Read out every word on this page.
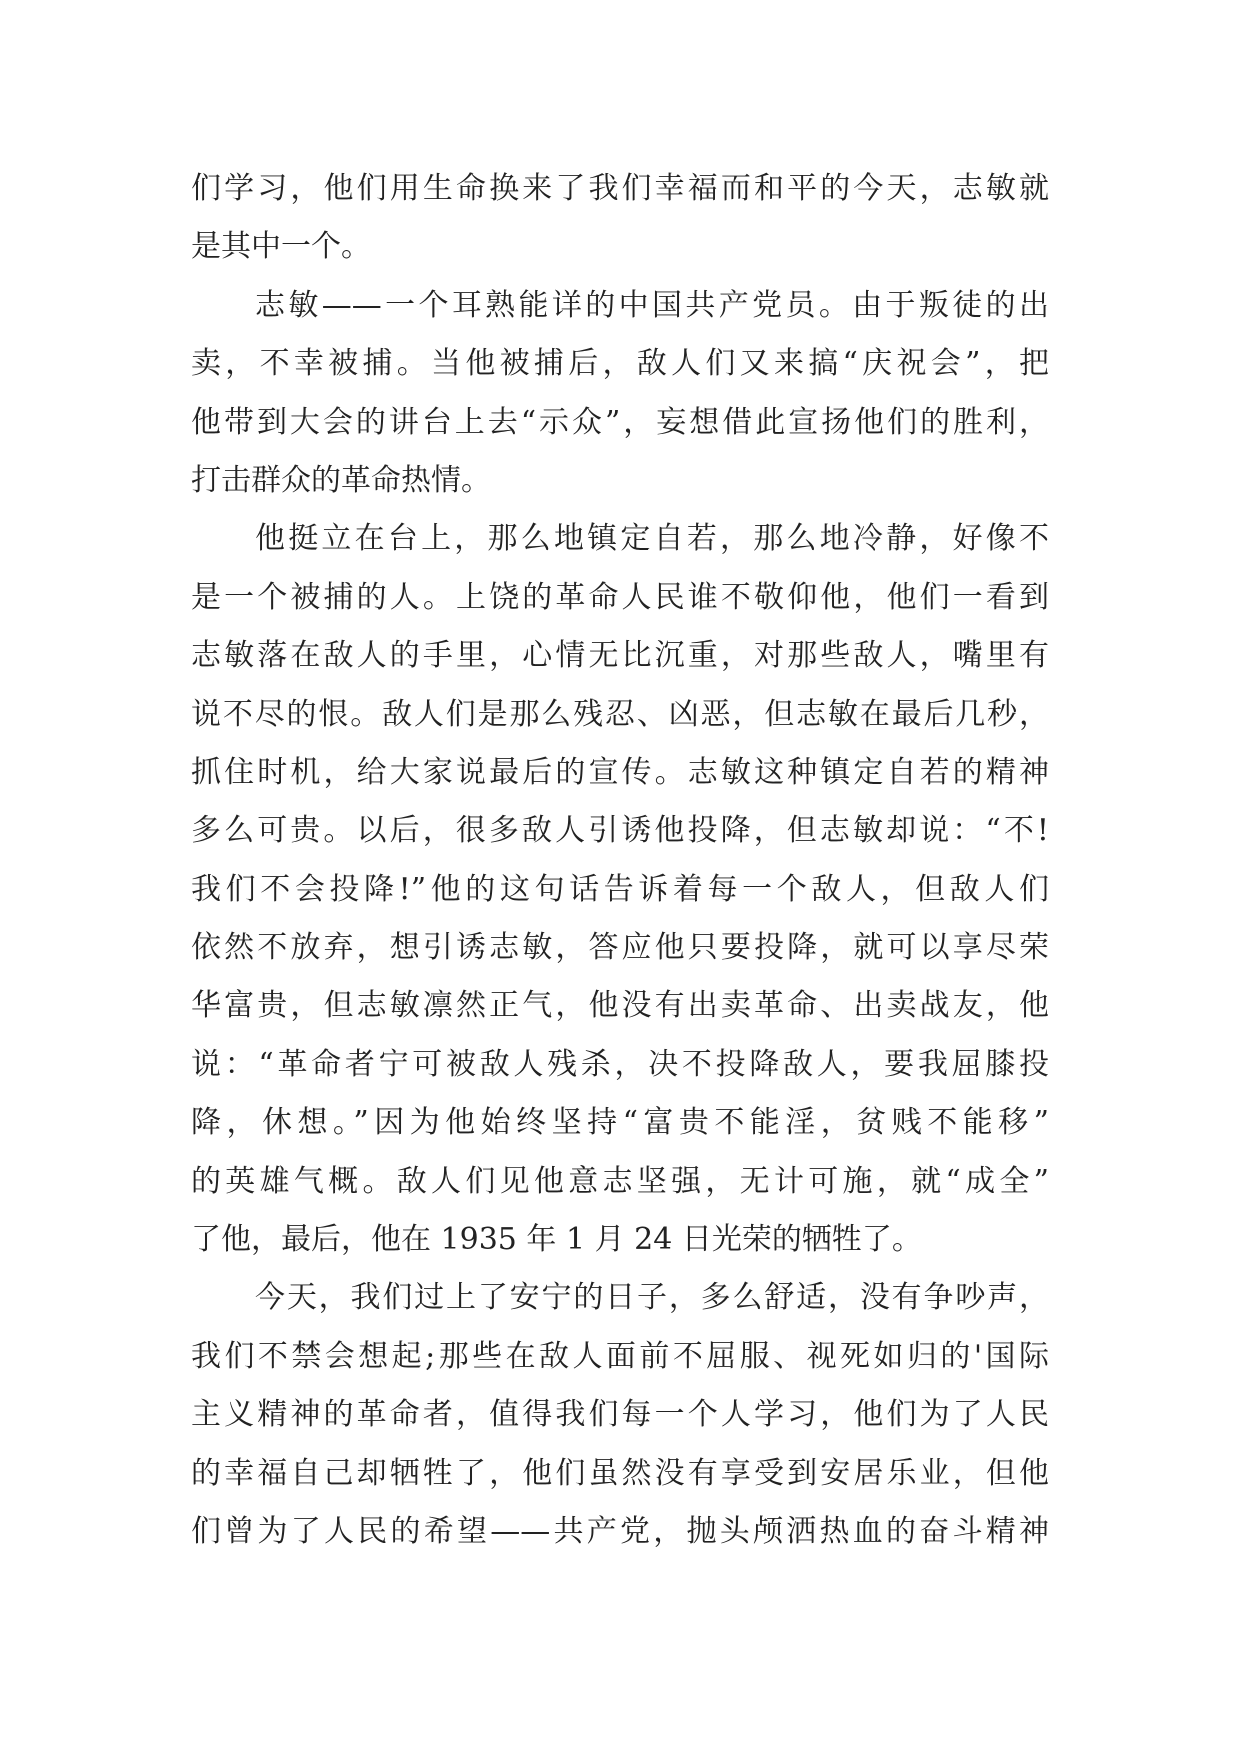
们学习，他们用生命换来了我们幸福而和平的今天，志敏就
是其中一个。
志敏——一个耳熟能详的中国共产党员。由于叛徒的出
卖，不幸被捕。当他被捕后，敌人们又来搞“庆祝会”，把
他带到大会的讲台上去“示众”，妄想借此宣扬他们的胜利，
打击群众的革命热情。
他挺立在台上，那么地镇定自若，那么地冷静，好像不
是一个被捕的人。上饶的革命人民谁不敬仰他，他们一看到
志敏落在敌人的手里，心情无比沉重，对那些敌人，嘴里有
说不尽的恨。敌人们是那么残忍、凶恶，但志敏在最后几秒，
抓住时机，给大家说最后的宣传。志敏这种镇定自若的精神
多么可贵。以后，很多敌人引诱他投降，但志敏却说：“不!
我们不会投降!”他的这句话告诉着每一个敌人，但敌人们
依然不放弃，想引诱志敏，答应他只要投降，就可以享尽荣
华富贵，但志敏凛然正气，他没有出卖革命、出卖战友，他
说：“革命者宁可被敌人残杀，决不投降敌人，要我屈膝投
降，休想。”因为他始终坚持“富贵不能淫，贫贱不能移”
的英雄气概。敌人们见他意志坚强，无计可施，就“成全”
了他，最后，他在 1935 年 1 月 24 日光荣的牺牲了。
今天，我们过上了安宁的日子，多么舒适，没有争吵声，
我们不禁会想起;那些在敌人面前不屈服、视死如归的'国际
主义精神的革命者，值得我们每一个人学习，他们为了人民
的幸福自己却牺牲了，他们虽然没有享受到安居乐业，但他
们曾为了人民的希望——共产党，抛头颅洒热血的奋斗精神
